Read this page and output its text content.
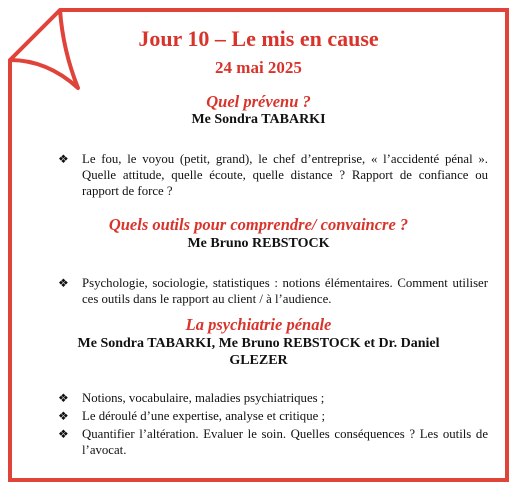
Jour 10 – Le mis en cause
24 mai 2025
Quel prévenu ?
Me Sondra TABARKI
❖ Le fou, le voyou (petit, grand), le chef d’entreprise, « l’accidenté pénal ». Quelle attitude, quelle écoute, quelle distance ? Rapport de confiance ou rapport de force ?
Quels outils pour comprendre/ convaincre ?
Me Bruno REBSTOCK
❖ Psychologie, sociologie, statistiques : notions élémentaires. Comment utiliser ces outils dans le rapport au client / à l’audience.
La psychiatrie pénale
Me Sondra TABARKI, Me Bruno REBSTOCK et Dr. Daniel
GLEZER
❖ Notions, vocabulaire, maladies psychiatriques ;
❖ Le déroulé d’une expertise, analyse et critique ;
❖ Quantifier l’altération. Evaluer le soin. Quelles conséquences ? Les outils de l’avocat.
